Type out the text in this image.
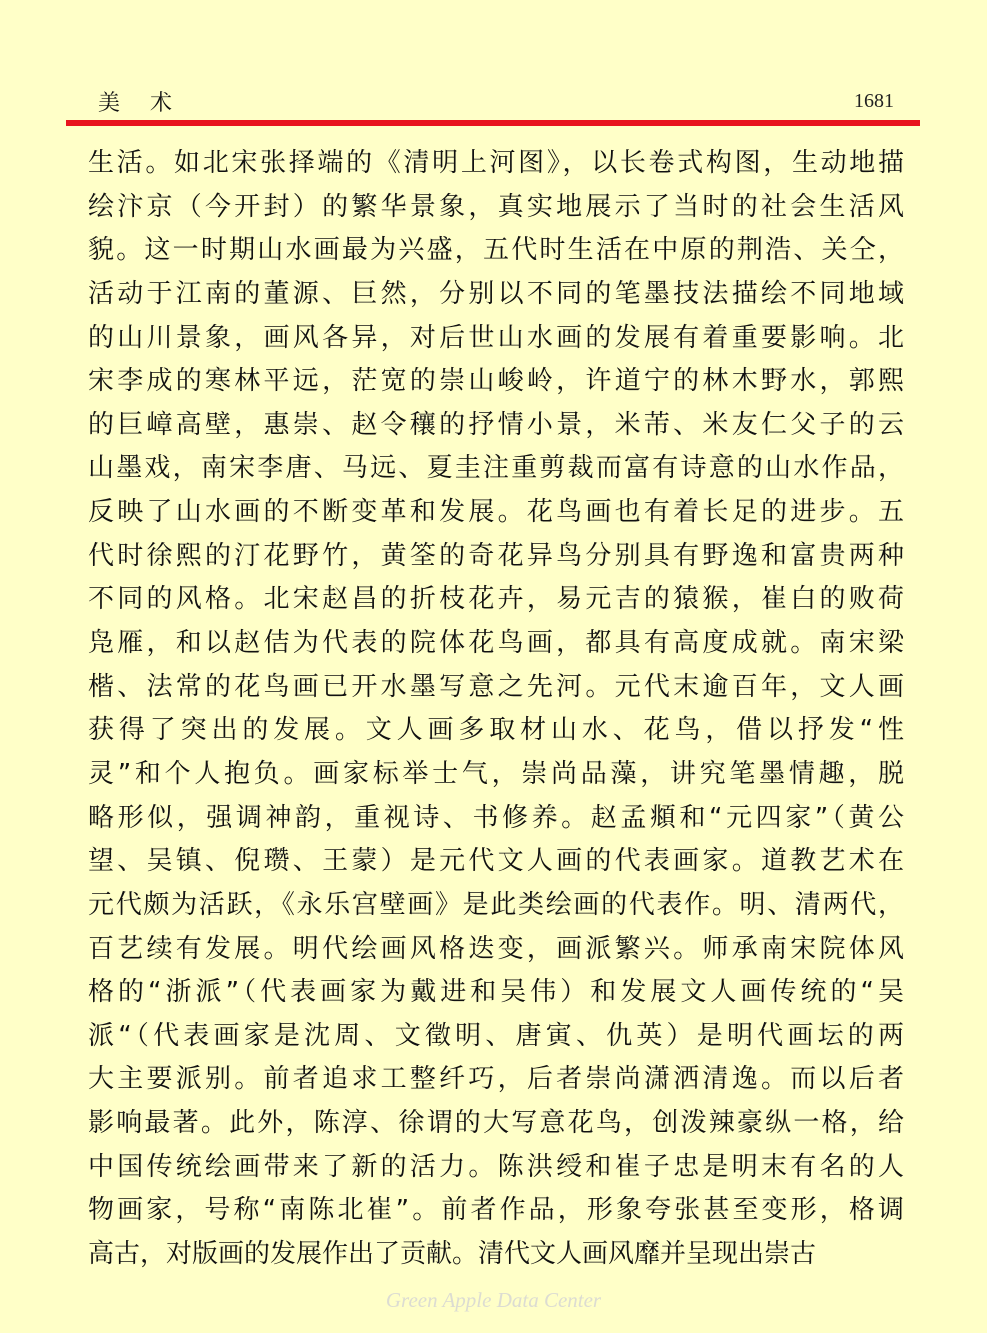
美术	1681
生活。如北宋张择端的《清明上河图》，以长卷式构图，生动地描
绘汴京（今开封）的繁华景象，真实地展示了当时的社会生活风
貌。这一时期山水画最为兴盛，五代时生活在中原的荆浩、关仝，
活动于江南的董源、巨然，分别以不同的笔墨技法描绘不同地域
的山川景象，画风各异，对后世山水画的发展有着重要影响。北
宋李成的寒林平远，茫宽的崇山峻岭，许道宁的林木野水，郭熙
的巨嶂高壁，惠崇、赵令穰的抒情小景，米芾、米友仁父子的云
山墨戏，南宋李唐、马远、夏圭注重剪裁而富有诗意的山水作品，
反映了山水画的不断变革和发展。花鸟画也有着长足的进步。五
代时徐熙的汀花野竹，黄筌的奇花异鸟分别具有野逸和富贵两种
不同的风格。北宋赵昌的折枝花卉，易元吉的猿猴，崔白的败荷
凫雁，和以赵佶为代表的院体花鸟画，都具有高度成就。南宋梁
楷、法常的花鸟画已开水墨写意之先河。元代末逾百年，文人画
获得了突出的发展。文人画多取材山水、花鸟，借以抒发“性
灵”和个人抱负。画家标举士气，崇尚品藻，讲究笔墨情趣，脱
略形似，强调神韵，重视诗、书修养。赵孟頫和“元四家”（黄公
望、吴镇、倪瓒、王蒙）是元代文人画的代表画家。道教艺术在
元代颇为活跃，《永乐宫壁画》是此类绘画的代表作。明、清两代，
百艺续有发展。明代绘画风格迭变，画派繁兴。师承南宋院体风
格的“浙派”（代表画家为戴进和吴伟）和发展文人画传统的“吴
派“（代表画家是沈周、文徵明、唐寅、仇英）是明代画坛的两
大主要派别。前者追求工整纤巧，后者崇尚潇洒清逸。而以后者
影响最著。此外，陈淳、徐谓的大写意花鸟，创泼辣豪纵一格，给
中国传统绘画带来了新的活力。陈洪绶和崔子忠是明末有名的人
物画家，号称“南陈北崔”。前者作品，形象夸张甚至变形，格调
高古，对版画的发展作出了贡献。清代文人画风靡并呈现出崇古
Green Apple Data Center
